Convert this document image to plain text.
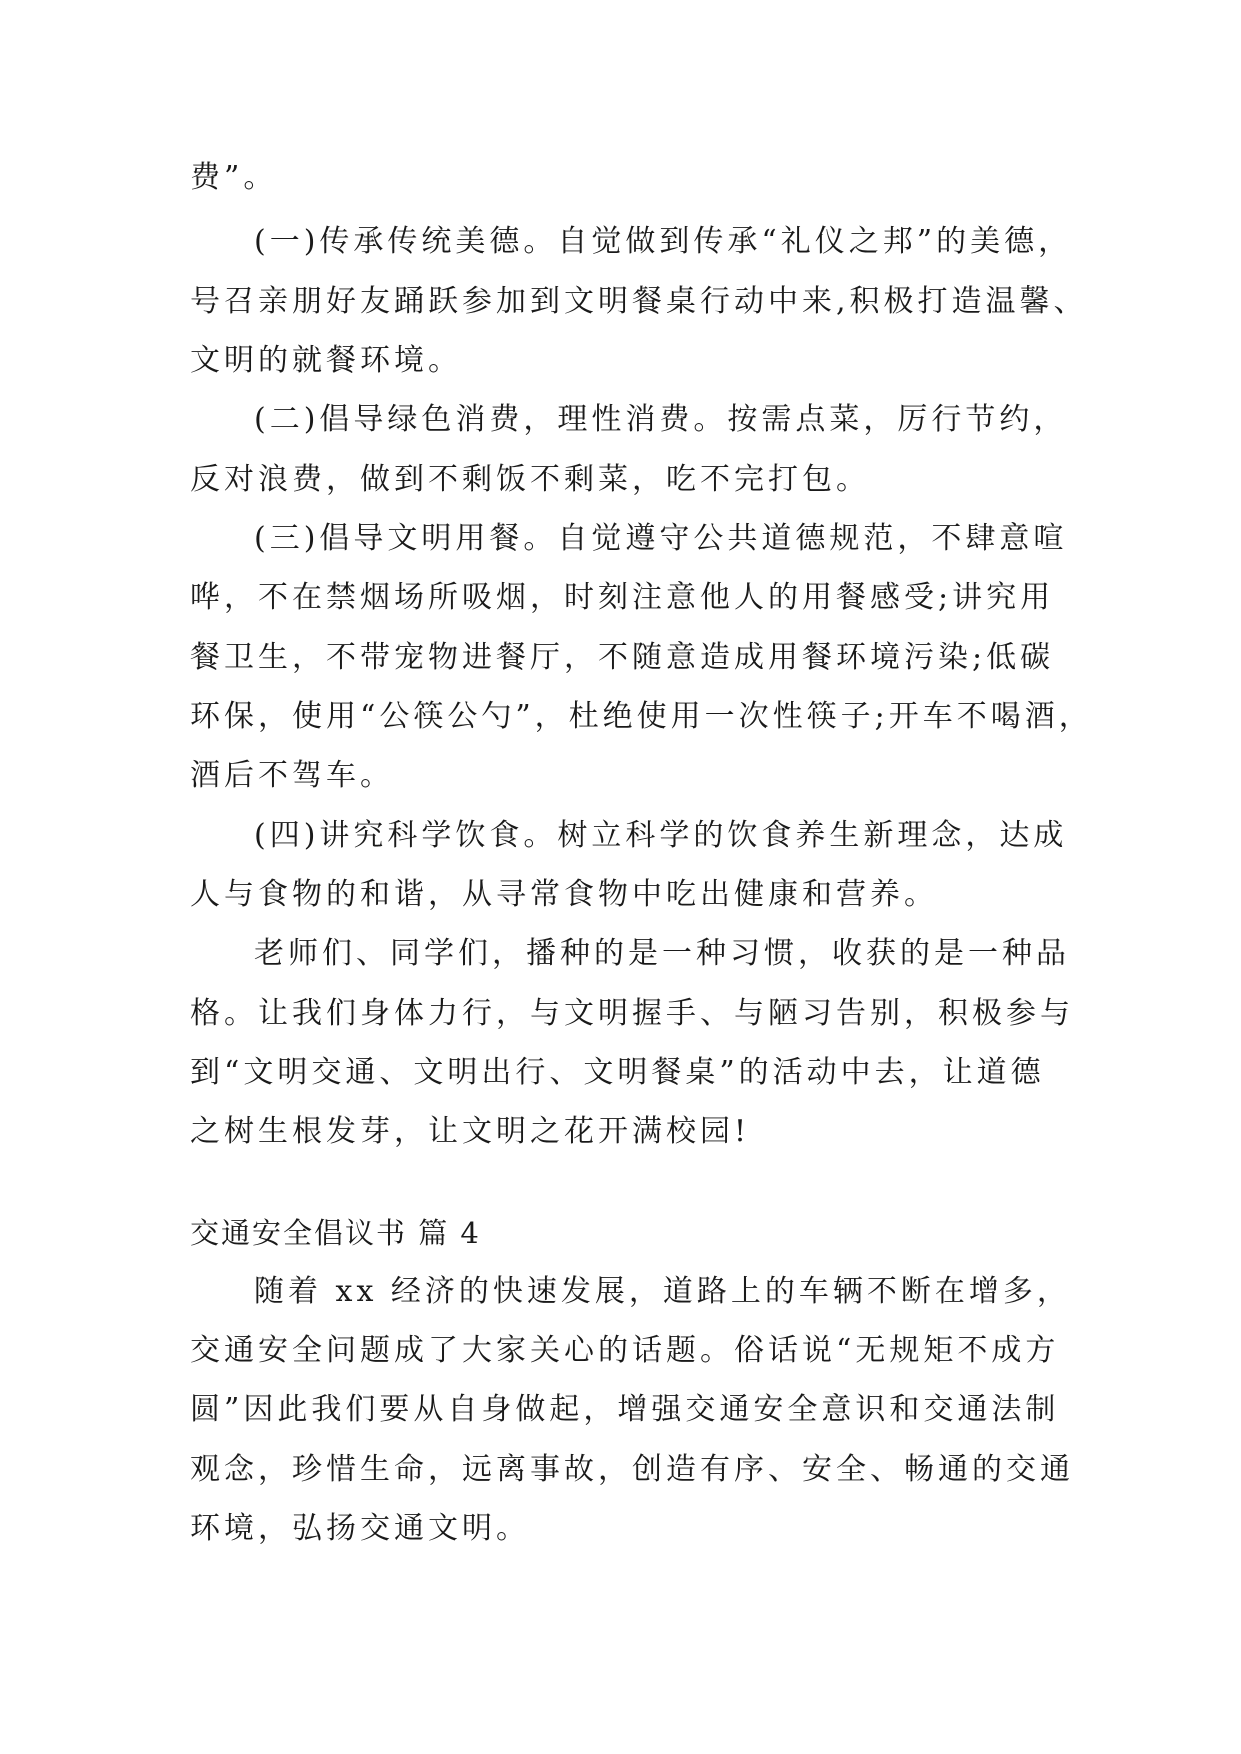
费”。

(一)传承传统美德。自觉做到传承“礼仪之邦”的美德，

号召亲朋好友踊跃参加到文明餐桌行动中来,积极打造温馨、

文明的就餐环境。

(二)倡导绿色消费，理性消费。按需点菜，厉行节约，

反对浪费，做到不剩饭不剩菜，吃不完打包。

(三)倡导文明用餐。自觉遵守公共道德规范，不肆意喧

哗，不在禁烟场所吸烟，时刻注意他人的用餐感受;讲究用

餐卫生，不带宠物进餐厅，不随意造成用餐环境污染;低碳

环保，使用“公筷公勺”，杜绝使用一次性筷子;开车不喝酒，

酒后不驾车。

(四)讲究科学饮食。树立科学的饮食养生新理念，达成

人与食物的和谐，从寻常食物中吃出健康和营养。

老师们、同学们，播种的是一种习惯，收获的是一种品

格。让我们身体力行，与文明握手、与陋习告别，积极参与

到“文明交通、文明出行、文明餐桌”的活动中去，让道德

之树生根发芽，让文明之花开满校园!

交通安全倡议书 篇 4

随着 xx 经济的快速发展，道路上的车辆不断在增多，

交通安全问题成了大家关心的话题。俗话说“无规矩不成方

圆”因此我们要从自身做起，增强交通安全意识和交通法制

观念，珍惜生命，远离事故，创造有序、安全、畅通的交通

环境，弘扬交通文明。
